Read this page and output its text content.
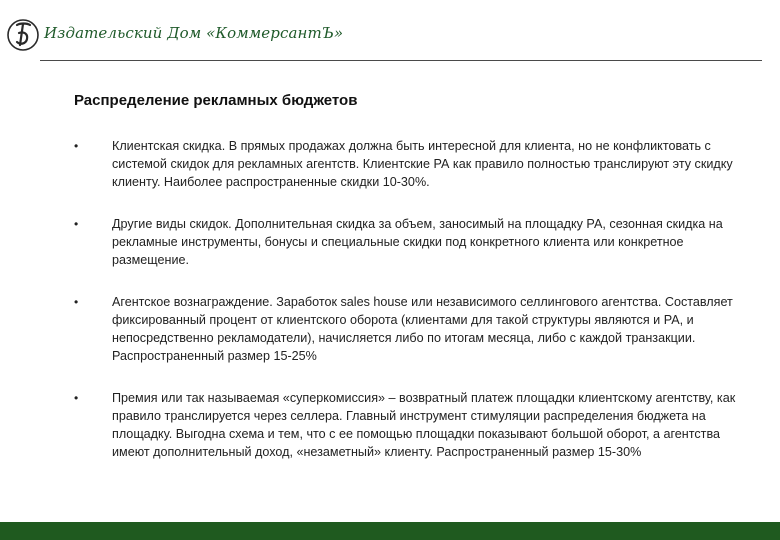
Издательский Дом «КоммерсантЪ»
Распределение рекламных бюджетов
•	Клиентская скидка. В прямых продажах должна быть интересной для клиента, но не конфликтовать с системой скидок для рекламных агентств. Клиентские РА как правило полностью транслируют эту скидку клиенту. Наиболее распространенные скидки 10-30%.
•	Другие виды скидок. Дополнительная скидка за объем, заносимый на площадку РА, сезонная скидка на рекламные инструменты, бонусы и специальные скидки под конкретного клиента или конкретное размещение.
•	Агентское вознаграждение. Заработок sales house или независимого селлингового агентства. Составляет фиксированный процент от клиентского оборота (клиентами для такой структуры являются и РА, и непосредственно рекламодатели), начисляется либо по итогам месяца, либо с каждой транзакции. Распространенный размер 15-25%
•	Премия или так называемая «суперкомиссия» – возвратный платеж площадки клиентскому агентству, как правило транслируется через селлера. Главный инструмент стимуляции распределения бюджета на площадку. Выгодна схема и тем, что с ее помощью площадки показывают большой оборот, а агентства имеют дополнительный доход, «незаметный» клиенту. Распространенный размер 15-30%
